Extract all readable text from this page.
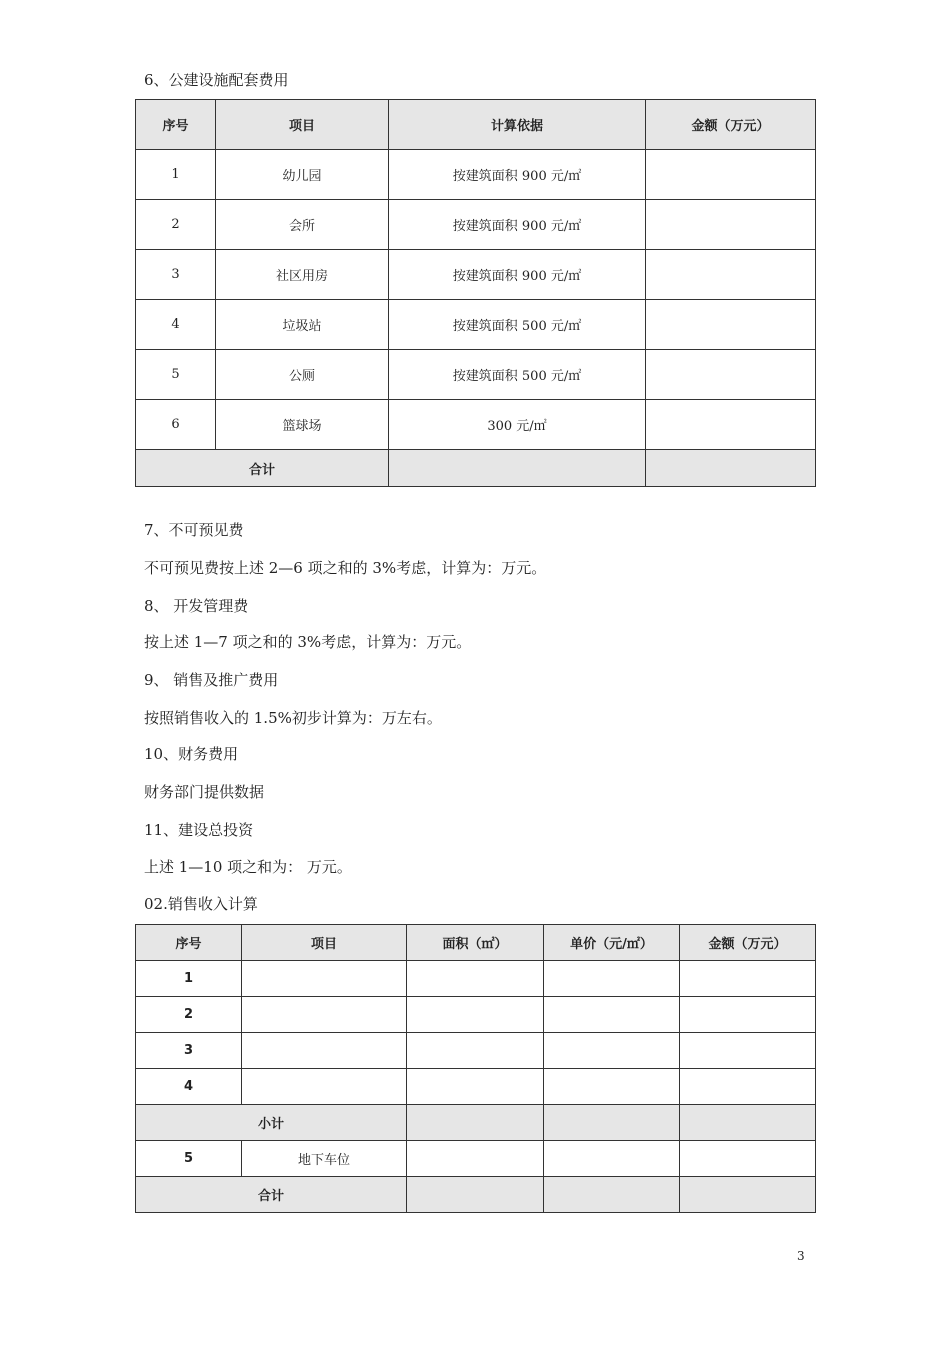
6、公建设施配套费用
序号	项目	计算依据	金额（万元）
1	幼儿园	按建筑面积 900 元/㎡	
2	会所	按建筑面积 900 元/㎡	
3	社区用房	按建筑面积 900 元/㎡	
4	垃圾站	按建筑面积 500 元/㎡	
5	公厕	按建筑面积 500 元/㎡	
6	篮球场	300 元/㎡	
合计			
7、不可预见费
不可预见费按上述 2—6 项之和的 3%考虑，计算为：万元。
8、 开发管理费
按上述 1—7 项之和的 3%考虑，计算为：万元。
9、 销售及推广费用
按照销售收入的 1.5%初步计算为：万左右。
10、财务费用
财务部门提供数据
11、建设总投资
上述 1—10 项之和为： 万元。
02.销售收入计算
序号	项目	面积（㎡）	单价（元/㎡）	金额（万元）
1				
2				
3				
4				
小计				
5	地下车位			
合计				
3
